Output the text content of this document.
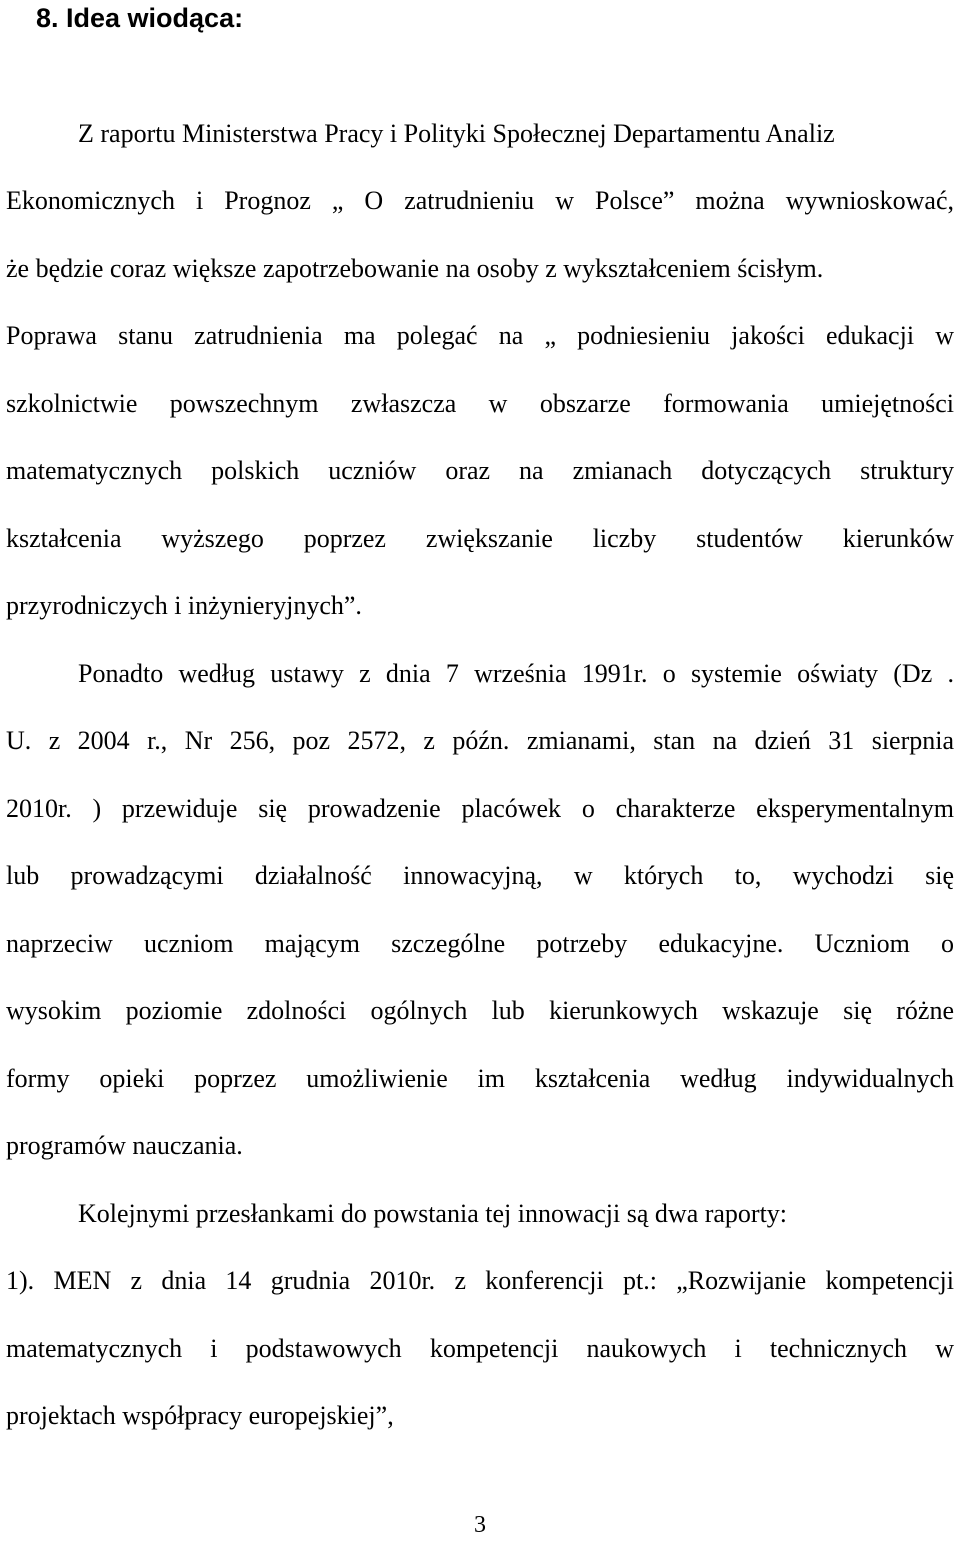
8. Idea wiodąca:

Z raportu Ministerstwa Pracy i Polityki Społecznej Departamentu Analiz

Ekonomicznych i Prognoz „ O zatrudnieniu w Polsce” można wywnioskować,

że będzie coraz większe zapotrzebowanie na osoby z wykształceniem ścisłym.

Poprawa stanu zatrudnienia ma polegać na „ podniesieniu jakości edukacji w

szkolnictwie powszechnym zwłaszcza w obszarze formowania umiejętności

matematycznych polskich uczniów oraz na zmianach dotyczących struktury

kształcenia wyższego poprzez zwiększanie liczby studentów kierunków

przyrodniczych i inżynieryjnych”.

Ponadto według ustawy z dnia 7 września 1991r. o systemie oświaty (Dz .

U. z 2004 r., Nr 256, poz 2572, z późn. zmianami, stan na dzień 31 sierpnia

2010r. ) przewiduje się prowadzenie placówek o charakterze eksperymentalnym

lub prowadzącymi działalność innowacyjną, w których to, wychodzi się

naprzeciw uczniom mającym szczególne potrzeby edukacyjne. Uczniom o

wysokim poziomie zdolności ogólnych lub kierunkowych wskazuje się różne

formy opieki poprzez umożliwienie im kształcenia według indywidualnych

programów nauczania.

Kolejnymi przesłankami do powstania tej innowacji są dwa raporty:

1). MEN z dnia 14 grudnia 2010r. z konferencji pt.: „Rozwijanie kompetencji

matematycznych i podstawowych kompetencji naukowych i technicznych w

projektach współpracy europejskiej”,

3
